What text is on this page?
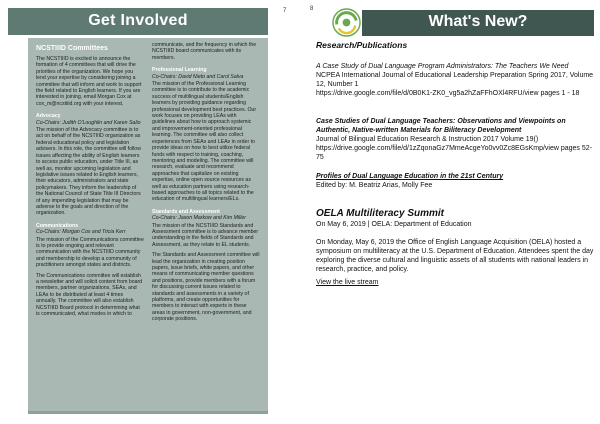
Get Involved
7
NCSTIIID Committees

The NCSTIIID is excited to announce the formation of 4 committees that will drive the priorities of the organization. We hope you lend your expertise by considering joining a committee that will inform and work to support the field related to English learners. If you are interested in joining, email Morgan Cox at cox_m@ncstiiid.org with your interest.

Advocacy
Co-Chairs: Judith O'Loughlin and Karen Salio

The mission of the Advocacy committee is to act on behalf of the NCSTIIID organization as federal educational policy and legislation advisers. In this role, the committee will follow issues affecting the ability of English learners to access public education, under Title III, as well as, monitor upcoming legislation and legislative issues related to English learners, their educators, administrators and state policymakers. They inform the leadership of the National Council of State Title III Directors of any impending legislation that may be adverse to the goals and direction of the organization.

Communications
Co-Chairs: Morgan Cox and Tricia Kerr

The mission of the Communications committee is to provide ongoing and relevant communication with the NCSTIIID community and membership to develop a community of practitioners amongst states and districts.

The Communications committee will establish a newsletter and will solicit content from board members, partner organizations, SEAs, and LEAs to be distributed at least 4 times annually. The committee will also establish NCSTIIID Board protocol in determining what is communicated, what modes in which to

communicate, and the frequency in which the NCSTIIID board communicates with its members.

Professional Learning
Co-Chairs: David Nieto and Carol Salva

The mission of the Professional Learning committee is to contribute to the academic success of multilingual students/English learners by providing guidance regarding professional development best practices. Our work focuses on providing LEAs with guidelines about how to approach systemic and improvement-oriented professional learning. The committee will also collect experiences from SEAs and LEAs in order to provide ideas on how to best utilize federal funds with respect to training, coaching, mentoring and modeling. The committee will research, evaluate and recommend approaches that capitalize on existing expertise, online open source resources as well as education partners using research-based approaches to all topics related to the education of multilingual learners/ELs.

Standards and Assessment
Co-Chairs: Jason Markow and Kim Miller

The mission of the NCSTIIID Standards and Assessment committee is to advance member understanding in the fields of Standards and Assessment, as they relate to EL students.

The Standards and Assessment committee will lead the organization in creating position papers, issue briefs, white papers, and other means of communicating member questions and positions, provide members with a forum for discussing current issues related to standards and assessments in a variety of platforms, and create opportunities for members to interact with experts in these areas in government, non-government, and corporate positions.

8
What's New?
Research/Publications
A Case Study of Dual Language Program Administrators: The Teachers We Need
NCPEA International Journal of Educational Leadership Preparation Spring 2017, Volume 12, Number 1
https://drive.google.com/file/d/0B0K1-ZK0_vg5a2hZaFFhOXl4RFU/view pages 1 - 18
Case Studies of Dual Language Teachers: Observations and Viewpoints on Authentic, Native-written Materials for Biliteracy Development
Journal of Bilingual Education Research & Instruction 2017 Volume 19()
https://drive.google.com/file/d/1zZqonaGz7MmeAcgeYo0vv0Zc8EGsKmp/view pages 52-75
Profiles of Dual Language Education in the 21st Century
Edited by: M. Beatriz Arias, Molly Fee
OELA Multiliteracy Summit
On May 6, 2019 | OELA: Department of Education
On Monday, May 6, 2019 the Office of English Language Acquisition (OELA) hosted a symposium on multiliteracy at the U.S. Department of Education. Attendees spent the day exploring the diverse cultural and linguistic assets of all students with national leaders in research, practice, and policy.
View the live stream
